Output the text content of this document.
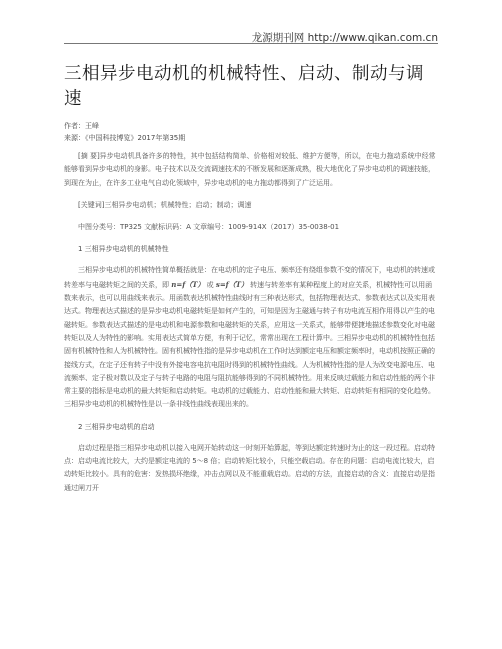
龙源期刊网 http://www.qikan.com.cn
三相异步电动机的机械特性、启动、制动与调速
作者：王峰
来源：《中国科技博览》2017年第35期

[摘 要]异步电动机具备许多的特性，其中包括结构简单、价格相对较低、维护方便等，所以，在电力拖动系统中经常能够看到异步电动机的身影。电子技术以及交流调速技术的不断发展和逐渐成熟，极大地优化了异步电动机的调速技能，到现在为止，在许多工业电气自动化领域中，异步电动机的电力拖动都得到了广泛运用。

[关键词]三相异步电动机；机械特性；启动；制动；调速

中图分类号：TP325 文献标识码：A 文章编号：1009-914X（2017）35-0038-01

1 三相异步电动机的机械特性

三相异步电动机的机械特性简单概括就是：在电动机的定子电压、频率还有绕组参数不变的情况下，电动机的转速或转差率与电磁转矩之间的关系，即 n=f（T） 或 s=f（T） 转速与转差率有某种程度上的对应关系，机械特性可以用函数来表示，也可以用曲线来表示。用函数表达机械特性曲线时有三种表达形式，包括物理表达式、参数表达式以及实用表达式。物理表达式描述的是异步电动机电磁转矩是如何产生的，可知是因为主磁通与转子有功电流互相作用得以产生的电磁转矩。参数表达式描述的是电动机和电源参数和电磁转矩的关系，应用这一关系式，能够带便捷地描述参数变化对电磁转矩以及人为特性的影响。实用表达式简单方便，有利于记忆，常常出现在工程计算中。三相异步电动机的机械特性包括固有机械特性和人为机械特性。固有机械特性指的是异步电动机在工作时达到额定电压和额定频率时，电动机按照正确的接线方式，在定子还有转子中没有外接电容电抗电阻时得到的机械特性曲线。人为机械特性指的是人为改变电源电压、电流频率、定子极对数以及定子与转子电路的电阻与阻抗能够得到的不同机械特性。用来反映过载能力和启动性能的两个非常主要的指标是电动机的最大转矩和启动转矩。电动机的过载能力、启动性能和最大转矩、启动转矩有相同的变化趋势。三相异步电动机的机械特性是以一条非线性曲线表现出来的。

2 三相异步电动机的启动

启动过程是指三相异步电动机以接入电网开始转动这一时刻开始算起，等到达额定转速时为止的这一段过程。启动特点：启动电流比较大，大约是额定电流的 5～8 倍；启动转矩比较小，只能空载启动。存在的问题：启动电流比较大，启动转矩比较小。具有的危害：发热损坏绝缘，冲击点网以及不能重载启动。启动的方法，直接启动的含义：直接启动是指通过闸刀开
